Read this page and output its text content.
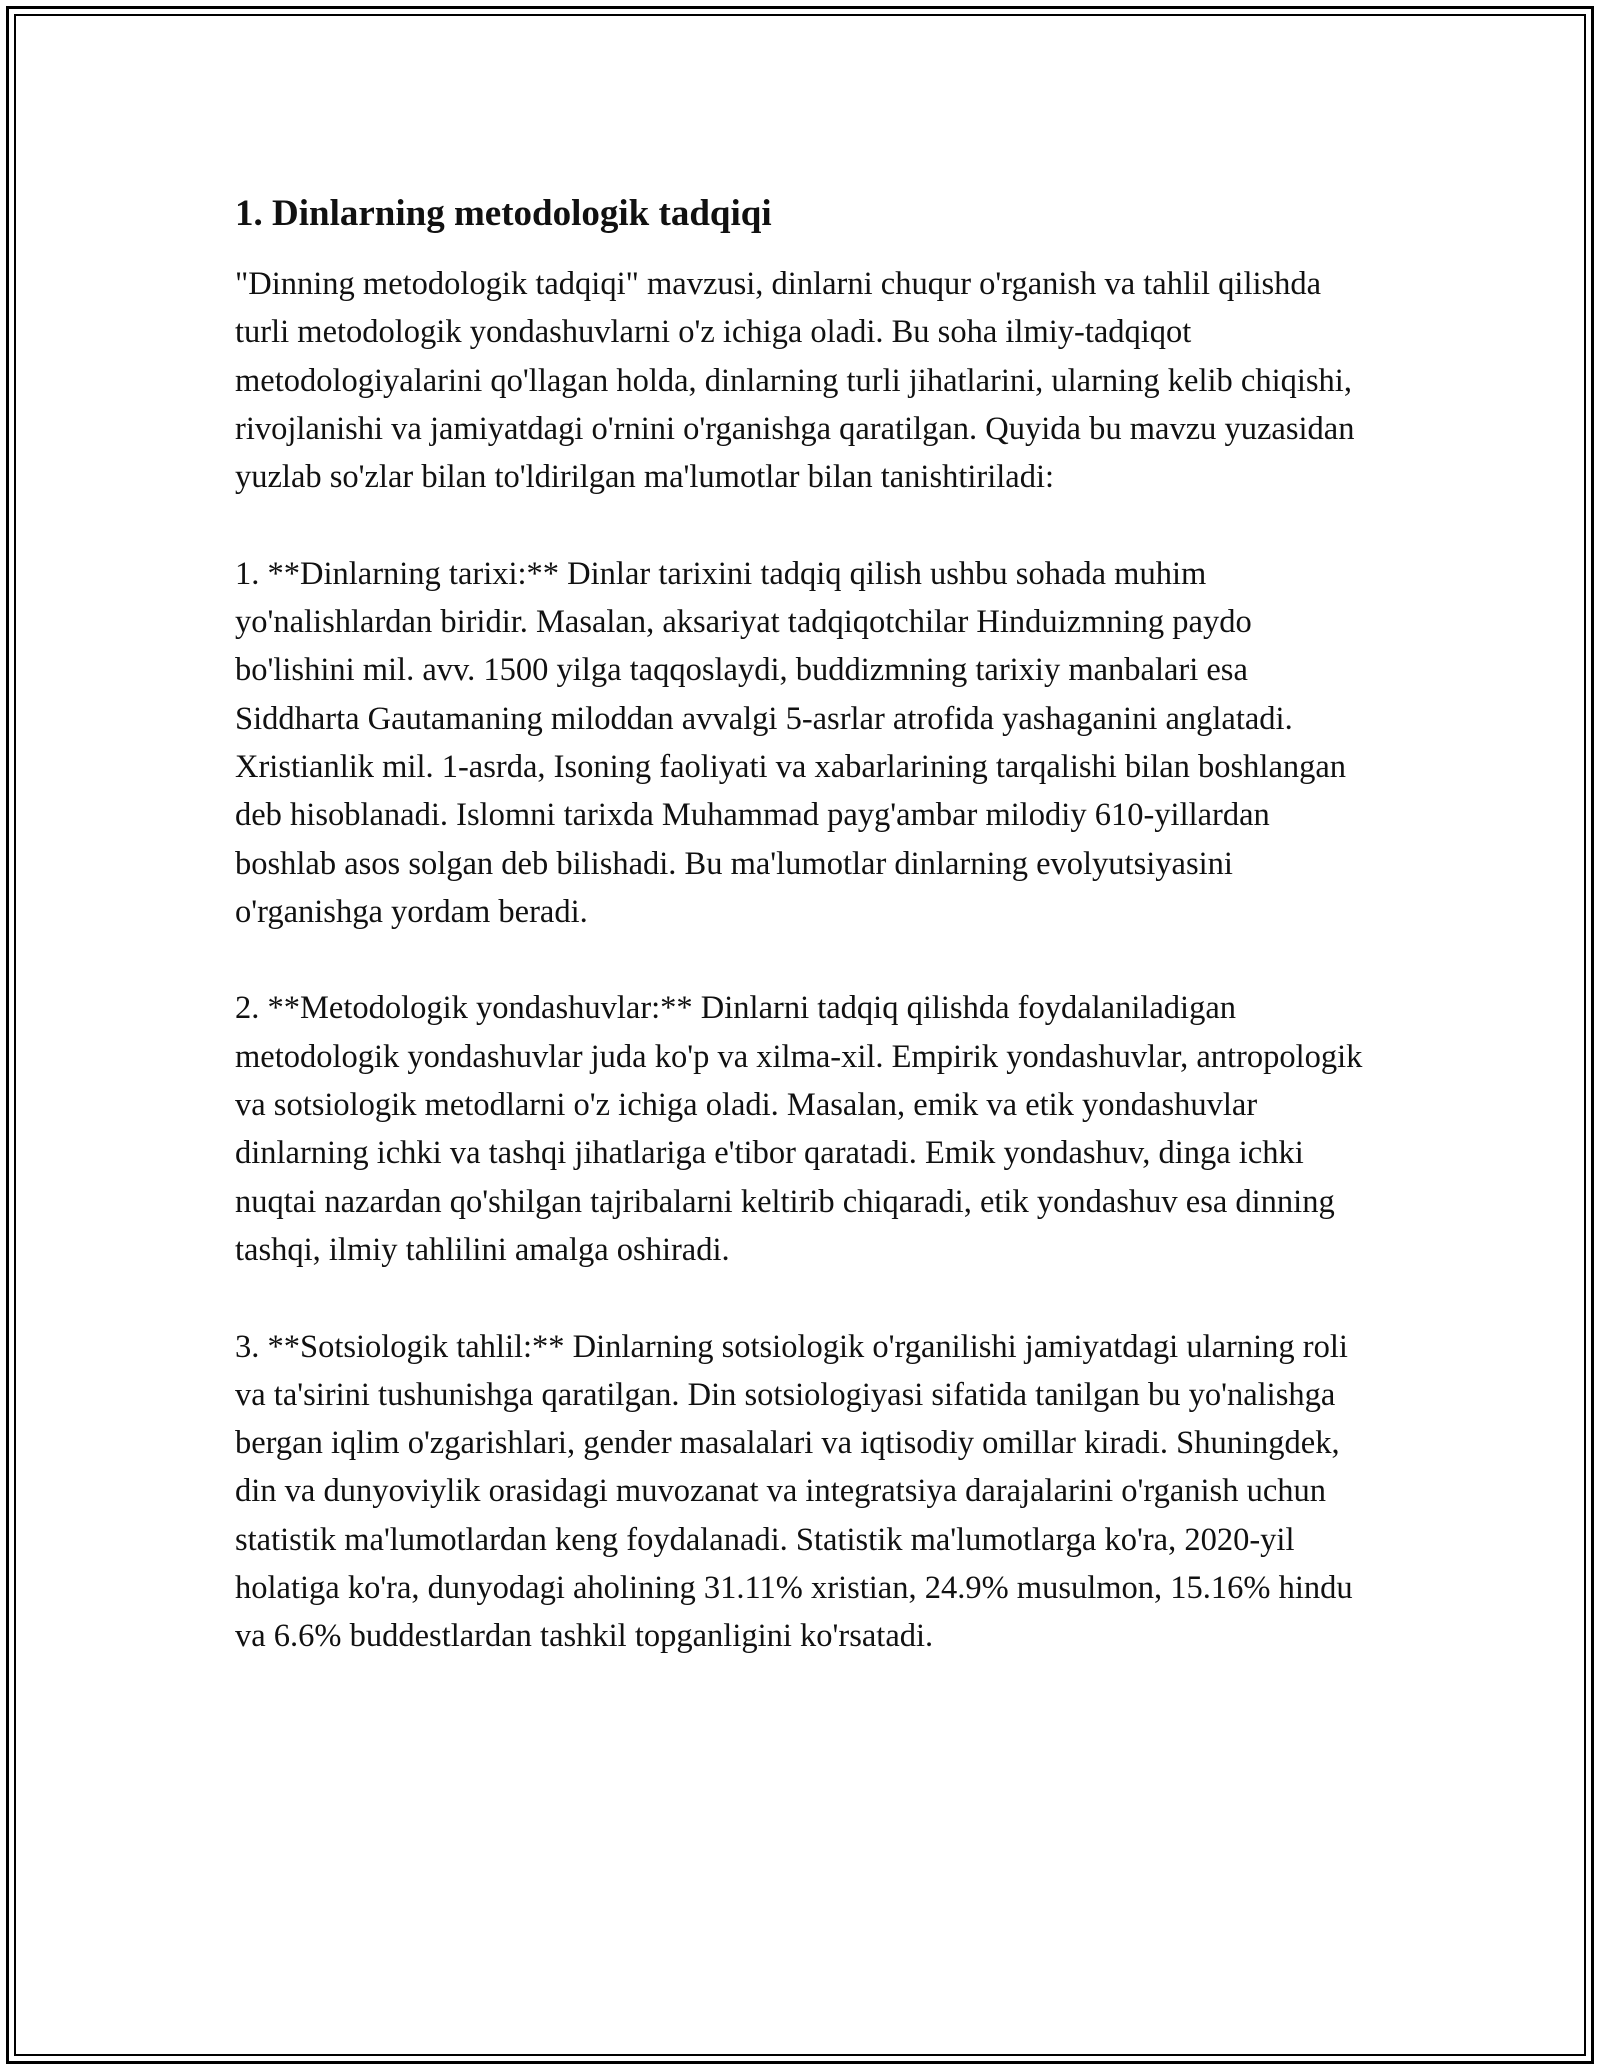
1. Dinlarning metodologik tadqiqi

"Dinning metodologik tadqiqi" mavzusi, dinlarni chuqur o'rganish va tahlil qilishda turli metodologik yondashuvlarni o'z ichiga oladi. Bu soha ilmiy-tadqiqot metodologiyalarini qo'llagan holda, dinlarning turli jihatlarini, ularning kelib chiqishi, rivojlanishi va jamiyatdagi o'rnini o'rganishga qaratilgan. Quyida bu mavzu yuzasidan yuzlab so'zlar bilan to'ldirilgan ma'lumotlar bilan tanishtiriladi:

1. **Dinlarning tarixi:** Dinlar tarixini tadqiq qilish ushbu sohada muhim yo'nalishlardan biridir. Masalan, aksariyat tadqiqotchilar Hinduizmning paydo bo'lishini mil. avv. 1500 yilga taqqoslaydi, buddizmning tarixiy manbalari esa Siddharta Gautamaning miloddan avvalgi 5-asrlar atrofida yashaganini anglatadi. Xristianlik mil. 1-asrda, Isoning faoliyati va xabarlarining tarqalishi bilan boshlangan deb hisoblanadi. Islomni tarixda Muhammad payg'ambar milodiy 610-yillardan boshlab asos solgan deb bilishadi. Bu ma'lumotlar dinlarning evolyutsiyasini o'rganishga yordam beradi.

2. **Metodologik yondashuvlar:** Dinlarni tadqiq qilishda foydalaniladigan metodologik yondashuvlar juda ko'p va xilma-xil. Empirik yondashuvlar, antropologik va sotsiologik metodlarni o'z ichiga oladi. Masalan, emik va etik yondashuvlar dinlarning ichki va tashqi jihatlariga e'tibor qaratadi. Emik yondashuv, dinga ichki nuqtai nazardan qo'shilgan tajribalarni keltirib chiqaradi, etik yondashuv esa dinning tashqi, ilmiy tahlilini amalga oshiradi.

3. **Sotsiologik tahlil:** Dinlarning sotsiologik o'rganilishi jamiyatdagi ularning roli va ta'sirini tushunishga qaratilgan. Din sotsiologiyasi sifatida tanilgan bu yo'nalishga bergan iqlim o'zgarishlari, gender masalalari va iqtisodiy omillar kiradi. Shuningdek, din va dunyoviylik orasidagi muvozanat va integratsiya darajalarini o'rganish uchun statistik ma'lumotlardan keng foydalanadi. Statistik ma'lumotlarga ko'ra, 2020-yil holatiga ko'ra, dunyodagi aholining 31.11% xristian, 24.9% musulmon, 15.16% hindu va 6.6% buddestlardan tashkil topganligini ko'rsatadi.
